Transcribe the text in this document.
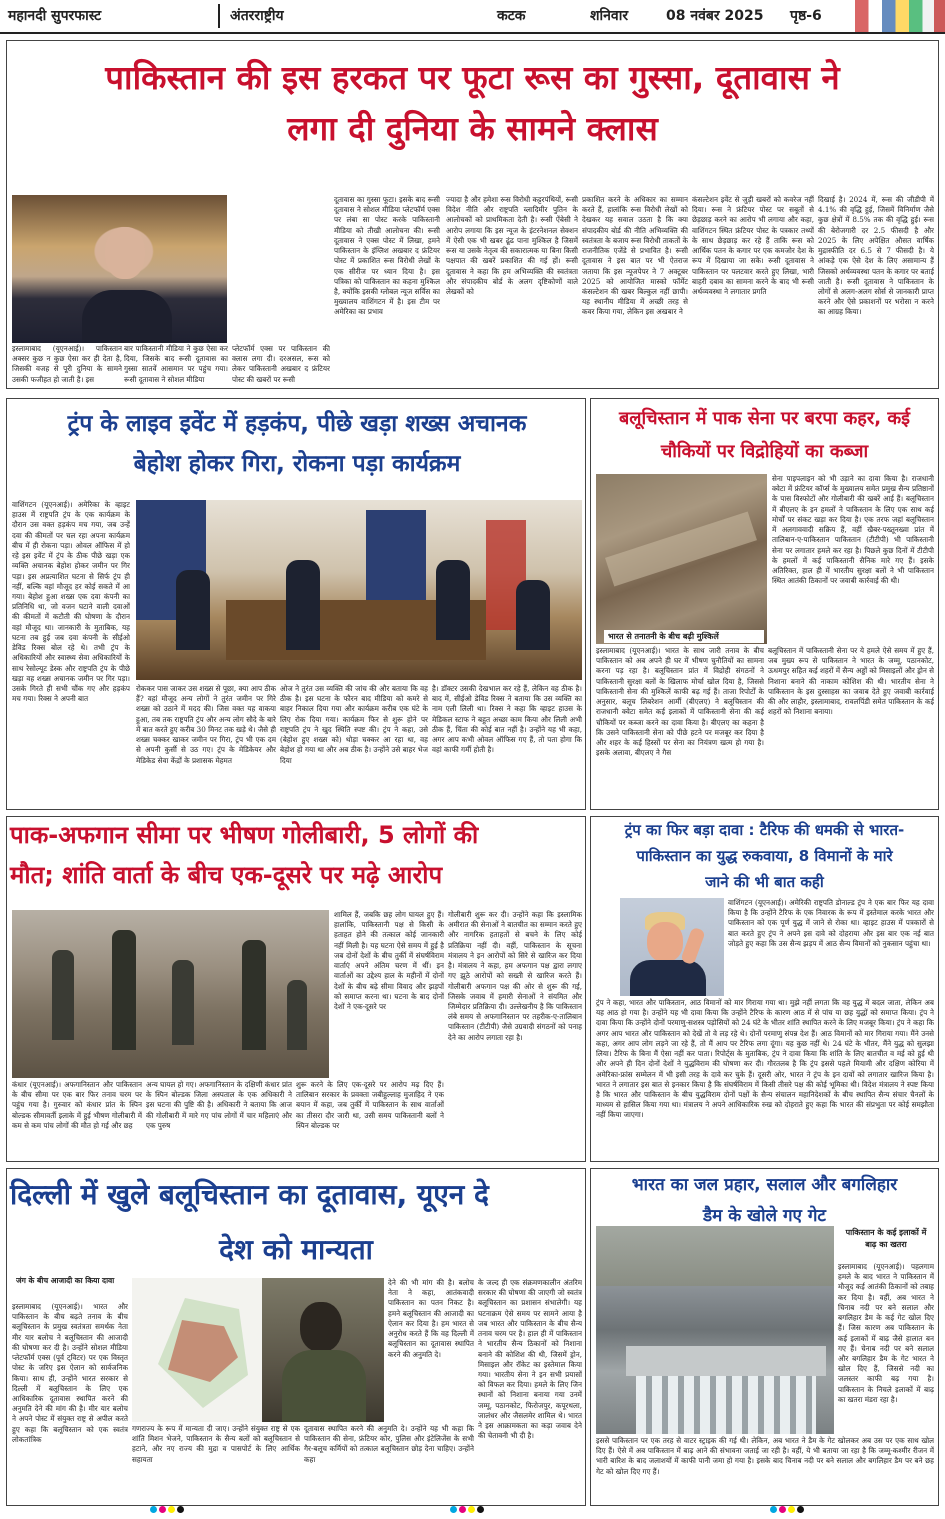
महानदी सुपरफास्ट	अंतरराष्ट्रीय	कटक	शनिवार	08 नवंबर 2025 पृष्ठ-6
पाकिस्तान की इस हरकत पर फूटा रूस का गुस्सा, दूतावास ने
लगा दी दुनिया के सामने क्लास
इस्लामाबाद (यूएनआई)। पाकिस्तान अक्सर कुछ न कुछ ऐसा कर ही देता है, जिसकी वजह से पूरी दुनिया के सामने उसकी फजीहत हो जाती है। इस
बार पाकिस्तानी मीडिया ने कुछ ऐसा कर दिया, जिसके बाद रूसी दूतावास का गुस्सा सातवें आसमान पर पहुंच गया। रूसी दूतावास ने सोशल मीडिया
प्लेटफॉर्म एक्स पर पाकिस्तान की क्लास लगा दी। दरअसल, रूस को लेकर पाकिस्तानी अखबार द फ्रंटियर पोस्ट की खबरों पर रूसी
दूतावास का गुस्सा फूटा। इसके बाद रूसी दूतावास ने सोशल मीडिया प्लेटफॉर्म एक्स पर लंबा सा पोस्ट करके पाकिस्तानी मीडिया को तीखी आलोचना की। रूसी दूतावास ने एक्स पोस्ट में लिखा, हमने पाकिस्तान के इंग्लिश अखबार द फ्रंटियर पोस्ट में प्रकाशित रूस विरोधी लेखों के एक सीरीज पर ध्यान दिया है। इस पत्रिका को पाकिस्तान का कहना मुश्किल है, क्योंकि इसकी ग्लोबल न्यूज सर्विस का मुख्यालय वाशिंगटन में है। इस टीम पर अमेरिका का प्रभाव
ज्यादा है और हमेशा रूस विरोधी कट्टरपंथियों, रूसी विदेश नीति और राष्ट्रपति व्लादिमीर पुतिन के आलोचकों को प्राथमिकता देती है। रूसी ऐंबेसी ने आरोप लगाया कि इस न्यूज के इंटरनेशनल सेक्शन में ऐसी एक भी खबर ढूंढ पाना मुश्किल है जिसमें रूस या उसके नेतृत्व की सकारात्मक या बिना किसी पक्षपात की खबरें प्रकाशित की गई हों। रूसी दूतावास ने कहा कि हम अभिव्यक्ति की स्वतंत्रता और संपादकीय बोर्ड के अलग दृष्टिकोणों वाले लेखकों को
प्रकाशित करने के अधिकार का सम्मान करते हैं, हालांकि रूस विरोधी लेखों को देखकर यह सवाल उठता है कि क्या संपादकीय बोर्ड की नीति अभिव्यक्ति की स्वतंत्रता के बजाय रूस विरोधी ताकतों के राजनीतिक एजेंडे से प्रभावित है। रूसी दूतावास ने इस बात पर भी ऐतराज जताया कि इस न्यूजपेपर ने 7 अक्टूबर 2025 को आयोजित मास्को फॉर्मेट कंसल्टेशन की खबर बिल्कुल नहीं छापी। यह स्थानीय मीडिया में अच्छी तरह से कवर किया गया, लेकिन इस अखबार ने
कंसल्टेशन इवेंट से जुड़ी खबरों को कवरेज नहीं दिया। रूस ने फ्रंटियर पोस्ट पर सबूतों से छेड़छाड़ करने का आरोप भी लगाया और कहा, वाशिंगटन स्थित फ्रंटियर पोस्ट के पत्रकार तथ्यों के साथ छेड़छाड़ कर रहे हैं ताकि रूस को आर्थिक पतन के कगार पर एक कमजोर देश के रूप में दिखाया जा सके। रूसी दूतावास ने पाकिस्तान पर पलटवार करते हुए लिखा, भारी बाहरी दबाव का सामना करने के बाद भी रूसी अर्थव्यवस्था ने लगातार प्रगति
दिखाई है। 2024 में, रूस की जीडीपी में 4.1% की वृद्धि हुई, जिसमें विनिर्माण जैसे कुछ क्षेत्रों में 8.5% तक की वृद्धि हुई। रूस की बेरोजगारी दर 2.5 फीसदी है और 2025 के लिए अपेक्षित औसत वार्षिक मुद्रास्फीति दर 6.5 से 7 फीसदी है। ये आंकड़े एक ऐसे देश के लिए असामान्य हैं जिसको अर्थव्यवस्था पतन के कगार पर बताई जाती है। रूसी दूतावास ने पाकिस्तान के लोगों से अलग-अलग सोर्स से जानकारी प्राप्त करने और ऐसे प्रकाशनों पर भरोसा न करने का आग्रह किया।
ट्रंप के लाइव इवेंट में हड़कंप, पीछे खड़ा शख्स अचानक
बेहोश होकर गिरा, रोकना पड़ा कार्यक्रम
वाशिंगटन (यूएनआई)। अमेरिका के व्हाइट हाउस में राष्ट्रपति ट्रंप के एक कार्यक्रम के दौरान उस वक्त हड़कंप मच गया, जब उन्हें दवा की कीमतों पर चल रहा अपना कार्यक्रम बीच में ही रोकना पड़ा। ओवल ऑफिस में हो रहे इस इवेंट में ट्रंप के ठीक पीछे खड़ा एक व्यक्ति अचानक बेहोश होकर जमीन पर गिर पड़ा। इस अप्रत्याशित घटना से सिर्फ ट्रंप ही नहीं, बल्कि वहां मौजूद हर कोई सकते में आ गया। बेहोश हुआ शख्स एक दवा कंपनी का प्रतिनिधि था, जो वजन घटाने वाली दवाओं की कीमतों में कटौती की घोषणा के दौरान वहां मौजूद था। जानकारी के मुताबिक, यह घटना तब हुई जब दवा कंपनी के सीईओ डेविड रिक्स बोल रहे थे। तभी ट्रंप के अधिकारियों और स्वास्थ्य सेवा अधिकारियों के साथ रेसोल्यूट डेस्क और राष्ट्रपति ट्रंप के पीछे खड़ा वह शख्स अचानक जमीन पर गिर पड़ा। उसके गिरते ही सभी चौंक गए और हड़कंप मच गया। रिक्स ने अपनी बात
रोककर पास जाकर उस शख्स से पूछा, क्या आप ठीक हैं? वहां मौजूद अन्य लोगों ने तुरंत जमीन पर गिरे शख्स को उठाने में मदद की। जिस वक्त यह वाकया हुआ, तब तक राष्ट्रपति ट्रंप और अन्य लोग सौदे के बारे में बात करते हुए करीब 30 मिनट तक खड़े थे। जैसे ही शख्स चक्कर खाकर जमीन पर गिरा, ट्रंप भी एक दम से अपनी कुर्सी से उठ गए। ट्रंप के मेडिकेयर और मेडिकेड सेवा केंद्रों के प्रशासक मेहमत
ओज ने तुरंत उस व्यक्ति की जांच की और बताया कि वह ठीक है। इस घटना के फौरन बाद मीडिया को कमरे से बाहर निकाल दिया गया और कार्यक्रम करीब एक घंटे के लिए रोक दिया गया। कार्यक्रम फिर से शुरू होने पर राष्ट्रपति ट्रंप ने खुद स्थिति स्पष्ट की। ट्रंप ने कहा, उसे (बेहोश हुए शख्स को) थोड़ा चक्कर आ रहा था, वह बेहोश हो गया था और अब ठीक है। उन्होंने उसे बाहर भेज दिया
है। डॉक्टर उसकी देखभाल कर रहे हैं, लेकिन वह ठीक है। बाद में, सीईओ डेविड रिक्स ने बताया कि उस व्यक्ति का नाम एली लिली था। रिक्स ने कहा कि व्हाइट हाउस के मेडिकल स्टाफ ने बहुत अच्छा काम किया और लिली अभी ठीक हैं, चिंता की कोई बात नहीं है। उन्होंने यह भी कहा, अगर आप कभी ओवल ऑफिस गए हैं, तो पता होगा कि वहां काफी गर्मी होती है।
बलूचिस्तान में पाक सेना पर बरपा कहर, कई
चौकियों पर विद्रोहियों का कब्जा
भारत से तनातनी के बीच बढ़ी मुश्किलें
सेना पाइपलाइन को भी उड़ाने का दावा किया है। राजधानी क्वेटा में फ्रंटियर कॉर्प्स के मुख्यालय समेत प्रमुख सैन्य प्रतिष्ठानों के पास विस्फोटों और गोलीबारी की खबरें आई हैं। बलूचिस्तान में बीएलए के इन हमलों ने पाकिस्तान के लिए एक साथ कई मोर्चों पर संकट खड़ा कर दिया है। एक तरफ जहां बलूचिस्तान में अलगाववादी सक्रिय हैं, वहीं खैबर-पख्तूनख्वा प्रांत में तालिबान-ए-पाकिस्तान पाकिस्तान (टीटीपी) भी पाकिस्तानी सेना पर लगातार हमले कर रहा है। पिछले कुछ दिनों में टीटीपी के हमलों में कई पाकिस्तानी सैनिक मारे गए हैं। इसके अतिरिक्त, हाल ही में भारतीय सुरक्षा बलों ने भी पाकिस्तान स्थित आतंकी ठिकानों पर जवाबी कार्रवाई की थी।
इस्लामाबाद (यूएनआई)। भारत के साथ जारी तनाव के बीच पाकिस्तान को अब अपने ही घर में भीषण चुनौतियों का सामना करना पड़ रहा है। बलूचिस्तान प्रांत में विद्रोही संगठनों ने पाकिस्तानी सुरक्षा बलों के खिलाफ मोर्चा खोल दिया है, जिससे पाकिस्तानी सेना की मुश्किलें काफी बढ़ गई हैं। ताजा रिपोर्टों के अनुसार, बलूच लिबरेशन आर्मी (बीएलए) ने बलूचिस्तान की राजधानी क्वेटा समेत कई इलाकों में पाकिस्तानी सेना की कई चौकियों पर कब्जा करने का दावा किया है। बीएलए का कहना है कि उसने पाकिस्तानी सेना को पीछे हटने पर मजबूर कर दिया है और शहर के कई हिस्सों पर सेना का नियंत्रण खत्म हो गया है। इसके अलावा, बीएलए ने गैस
बलूचिस्तान में पाकिस्तानी सेना पर ये हमले ऐसे समय में हुए हैं, जब मुख्य रूप से पाकिस्तान ने भारत के जम्मू, पठानकोट, ऊधमपुर सहित कई शहरों में सैन्य अड्डों को मिसाइलों और ड्रोन से निशाना बनाने की नाकाम कोशिश की थी। भारतीय सेना ने पाकिस्तान के इस दुस्साहस का जवाब देते हुए जवाबी कार्रवाई की और लाहौर, इस्लामाबाद, रावलपिंडी समेत पाकिस्तान के कई शहरों को निशाना बनाया।
पाक-अफगान सीमा पर भीषण गोलीबारी, 5 लोगों की
मौत; शांति वार्ता के बीच एक-दूसरे पर मढ़े आरोप
शामिल हैं, जबकि छह लोग घायल हुए हैं। हालांकि, पाकिस्तानी पक्ष से किसी के हताहत होने की तत्काल कोई जानकारी नहीं मिली है। यह घटना ऐसे समय में हुई है जब दोनों देशों के बीच तुर्की में संघर्षविराम वार्ताएं अपने अंतिम चरण में थीं। इन वार्ताओं का उद्देश्य हाल के महीनों में दोनों देशों के बीच बढ़े सीमा विवाद और झड़पों को समाप्त करना था। घटना के बाद दोनों देशों ने एक-दूसरे पर
गोलीबारी शुरू कर दी। उन्होंने कहा कि इस्लामिक अमीरात की सेनाओं ने बातचीत का सम्मान करते हुए और नागरिक हताहतों से बचने के लिए कोई प्रतिक्रिया नहीं दी। वहीं, पाकिस्तान के सूचना मंत्रालय ने इन आरोपों को सिरे से खारिज कर दिया है। मंत्रालय ने कहा, हम अफगान पक्ष द्वारा लगाए गए झूठे आरोपों को सख्ती से खारिज करते हैं। गोलीबारी अफगान पक्ष की ओर से शुरू की गई, जिसके जवाब में हमारी सेनाओं ने संयमित और जिम्मेदार प्रतिक्रिया दी। उल्लेखनीय है कि पाकिस्तान लंबे समय से अफगानिस्तान पर तहरीक-ए-तालिबान पाकिस्तान (टीटीपी) जैसे उग्रवादी संगठनों को पनाह देने का आरोप लगाता रहा है।
कंधार (यूएनआई)। अफगानिस्तान और पाकिस्तान के बीच सीमा पर एक बार फिर तनाव चरम पर पहुंच गया है। गुरुवार को कंधार प्रांत के स्पिन बोल्डक सीमावर्ती इलाके में हुई भीषण गोलीबारी में कम से कम पांच लोगों की मौत हो गई और छह
अन्य घायल हो गए। अफगानिस्तान के दक्षिणी कंधार प्रांत के स्पिन बोल्डक जिला अस्पताल के एक अधिकारी ने इस घटना की पुष्टि की है। अधिकारी ने बताया कि आज की गोलीबारी में मारे गए पांच लोगों में चार महिलाएं और एक पुरुष
शुरू करने के लिए एक-दूसरे पर आरोप मढ़ दिए हैं। तालिबान सरकार के प्रवक्ता जबीहुल्लाह मुजाहिद ने एक बयान में कहा, जब तुर्की में पाकिस्तान के साथ वार्ताओं का तीसरा दौर जारी था, उसी समय पाकिस्तानी बलों ने स्पिन बोल्डक पर
ट्रंप का फिर बड़ा दावा : टैरिफ की धमकी से भारत-
पाकिस्तान का युद्ध रुकवाया, 8 विमानों के मारे
जाने की भी बात कही
वाशिंगटन (यूएनआई)। अमेरिकी राष्ट्रपति डोनाल्ड ट्रंप ने एक बार फिर यह दावा किया है कि उन्होंने टैरिफ के एक निवारक के रूप में इस्तेमाल करके भारत और पाकिस्तान को एक पूर्ण युद्ध में जाने से रोका था। व्हाइट हाउस में पत्रकारों से बात करते हुए ट्रंप ने अपने इस दावे को दोहराया और इस बार एक नई बात जोड़ते हुए कहा कि उस सैन्य झड़प में आठ सैन्य विमानों को नुकसान पहुंचा था।
ट्रंप ने कहा, भारत और पाकिस्तान, आठ विमानों को मार गिराया गया था। मुझे नहीं लगता कि वह युद्ध में बदल जाता, लेकिन अब यह आठ हो गया है। उन्होंने यह भी दावा किया कि उन्होंने टैरिफ के कारण आठ में से पांच या छह युद्धों को समाप्त किया। ट्रंप ने दावा किया कि उन्होंने दोनों परमाणु-सशस्त्र पड़ोसियों को 24 घंटे के भीतर शांति स्थापित करने के लिए मजबूर किया। ट्रंप ने कहा कि अगर आप भारत और पाकिस्तान को देखें तो वे लड़ रहे थे। दोनों परमाणु संपन्न देश हैं। आठ विमानों को मार गिराया गया। मैंने उनसे कहा, अगर आप लोग लड़ने जा रहे हैं, तो मैं आप पर टैरिफ लगा दूंगा। यह कुछ नहीं थे। 24 घंटे के भीतर, मैंने युद्ध को सुलझा लिया। टैरिफ के बिना मैं ऐसा नहीं कर पाता। रिपोर्ट्स के मुताबिक, ट्रंप ने दावा किया कि शांति के लिए बातचीत व मई को हुई थी और अपने ही दिन दोनों देशों ने युद्धविराम की घोषणा कर दी। गौरतलब है कि ट्रंप इससे पहले मियामी और दक्षिण कोरिया में अमेरिका-फ्रांस सम्मेलन में भी इसी तरह के दावे कर चुके हैं। दूसरी ओर, भारत ने ट्रंप के इन दावों को लगातार खारिज किया है। भारत ने लगातार इस बात से इनकार किया है कि संघर्षविराम में किसी तीसरे पक्ष की कोई भूमिका थी। विदेश मंत्रालय ने स्पष्ट किया है कि भारत और पाकिस्तान के बीच युद्धविराम दोनों पक्षों के सैन्य संचालन महानिदेशकों के बीच स्थापित सैन्य संचार चैनलों के माध्यम से हासिल किया गया था। मंत्रालय ने अपने आधिकारिक रुख को दोहराते हुए कहा कि भारत की संप्रभुता पर कोई समझौता नहीं किया जाएगा।
दिल्ली में खुले बलूचिस्तान का दूतावास, यूएन दे
देश को मान्यता
जंग के बीच आजादी का किया दावा
इस्लामाबाद (यूएनआई)। भारत और पाकिस्तान के बीच बढ़ते तनाव के बीच बलूचिस्तान के प्रमुख स्वतंत्रता समर्थक नेता मीर यार बलोच ने बलूचिस्तान की आजादी की घोषणा कर दी है। उन्होंने सोशल मीडिया प्लेटफॉर्म एक्स (पूर्व ट्विटर) पर एक विस्तृत पोस्ट के जरिए इस ऐलान को सार्वजनिक किया। साथ ही, उन्होंने भारत सरकार से दिल्ली में बलूचिस्तान के लिए एक आधिकारिक दूतावास स्थापित करने की अनुमति देने की मांग की है। मीर यार बलोच ने अपने पोस्ट में संयुक्त राष्ट्र से अपील करते हुए कहा कि बलूचिस्तान को एक स्वतंत्र लोकतांत्रिक
देने की भी मांग की है। बलोच नेता ने कहा, आतंकवादी पाकिस्तान का पतन निकट है। हमने बलूचिस्तान की आजादी का ऐलान कर दिया है। हम भारत से अनुरोध करते हैं कि वह दिल्ली में बलूचिस्तान का दूतावास स्थापित करने की अनुमति दे।
के जल्द ही एक संक्रमणकालीन अंतरिम सरकार की घोषणा की जाएगी जो स्वतंत्र बलूचिस्तान का प्रशासन संभालेगी। यह घटनाक्रम ऐसे समय पर सामने आया है जब भारत और पाकिस्तान के बीच सैन्य तनाव चरम पर है। हाल ही में पाकिस्तान ने भारतीय सैन्य ठिकानों को निशाना बनाने की कोशिश की थी, जिसमें ड्रोन, मिसाइल और रॉकेट का इस्तेमाल किया गया। भारतीय सेना ने इन सभी प्रयासों को विफल कर दिया। हमले के लिए जिन स्थानों को निशाना बनाया गया उनमें जम्मू, पठानकोट, फिरोजपुर, कपूरथला, जालंधर और जैसलमेर शामिल थे। भारत ने इस आक्रामकता का कड़ा जवाब देने की चेतावनी भी दी है।
गणराज्य के रूप में मान्यता दी जाए। उन्होंने संयुक्त राष्ट्र से एक शांति मिशन भेजने, पाकिस्तान के सैन्य बलों को बलूचिस्तान से हटाने, और नए राज्य की मुद्रा व पासपोर्ट के लिए आर्थिक सहायता
दूतावास स्थापित करने की अनुमति दे। उन्होंने यह भी कहा कि पाकिस्तान की सेना, फ्रंटियर कोर, पुलिस और इंटेलिजेंस के सभी गैर-बलूच कर्मियों को तत्काल बलूचिस्तान छोड़ देना चाहिए। उन्होंने कहा
भारत का जल प्रहार, सलाल और बगलिहार
डैम के खोले गए गेट
पाकिस्तान के कई इलाकों में बाढ़ का खतरा
इस्लामाबाद (यूएनआई)। पहलगाम हमले के बाद भारत ने पाकिस्तान में मौजूद कई आतंकी ठिकानों को तबाह कर दिया है। वहीं, अब भारत ने चिनाब नदी पर बने सलाल और बगलिहार डैम के कई गेट खोल दिए हैं। जिस कारण अब पाकिस्तान के कई इलाकों में बाढ़ जैसे हालात बन गए हैं। चेनाब नदी पर बने सलाल और बगलिहार डैम के गेट भारत ने खोल दिए हैं, जिससे नदी का जलस्तर काफी बढ़ गया है। पाकिस्तान के निचले इलाकों में बाढ़ का खतरा मंडरा रहा है।
इससे पाकिस्तान पर एक तरह से वाटर स्ट्राइक की गई थी। लेकिन, अब भारत ने डैम के गेट खोलकर अब उस पर एक साथ खोल दिए हैं। ऐसे में अब पाकिस्तान में बाढ़ आने की संभावना जताई जा रही है। वहीं, ये भी बताया जा रहा है कि जम्मू-कश्मीर रीजन में भारी बारिश के बाद जलाशयों में काफी पानी जमा हो गया है। इसके बाद चिनाब नदी पर बने सलाल और बगलिहार डैम पर बने छह गेट को खोल दिए गए हैं।
